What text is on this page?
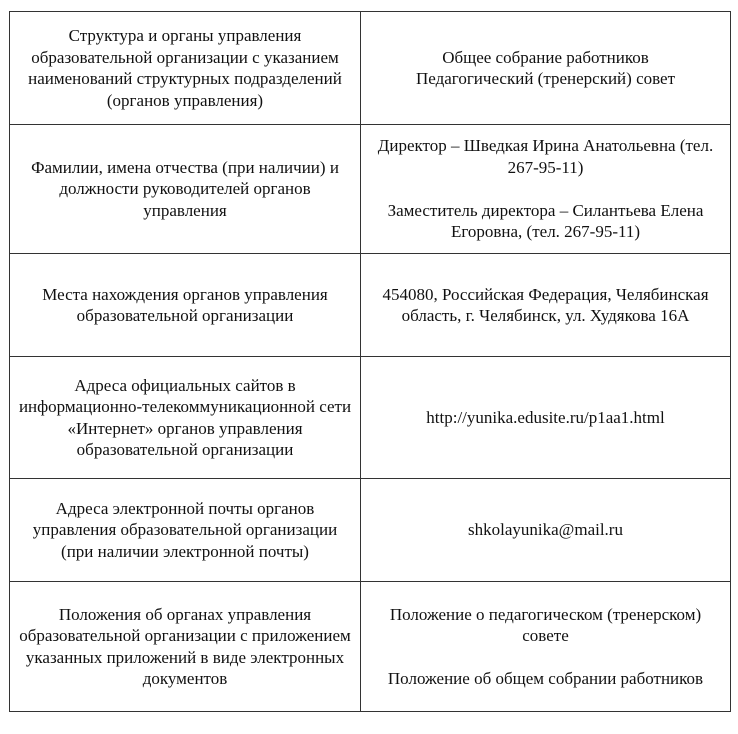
Структура и органы управления образовательной организации с указанием наименований структурных подразделений (органов управления)	Общее собрание работников
Педагогический (тренерский) совет

Фамилии, имена отчества (при наличии) и должности руководителей органов управления	Директор – Шведкая Ирина Анатольевна (тел. 267-95-11)
Заместитель директора – Силантьева Елена Егоровна, (тел. 267-95-11)

Места нахождения органов управления образовательной организации	454080, Российская Федерация, Челябинская область, г. Челябинск, ул. Худякова 16А

Адреса официальных сайтов в информационно-телекоммуникационной сети «Интернет» органов управления образовательной организации	http://yunika.edusite.ru/p1aa1.html

Адреса электронной почты органов управления образовательной организации (при наличии электронной почты)	shkolayunika@mail.ru

Положения об органах управления образовательной организации с приложением указанных приложений в виде электронных документов	Положение о педагогическом (тренерском) совете
Положение об общем собрании работников
